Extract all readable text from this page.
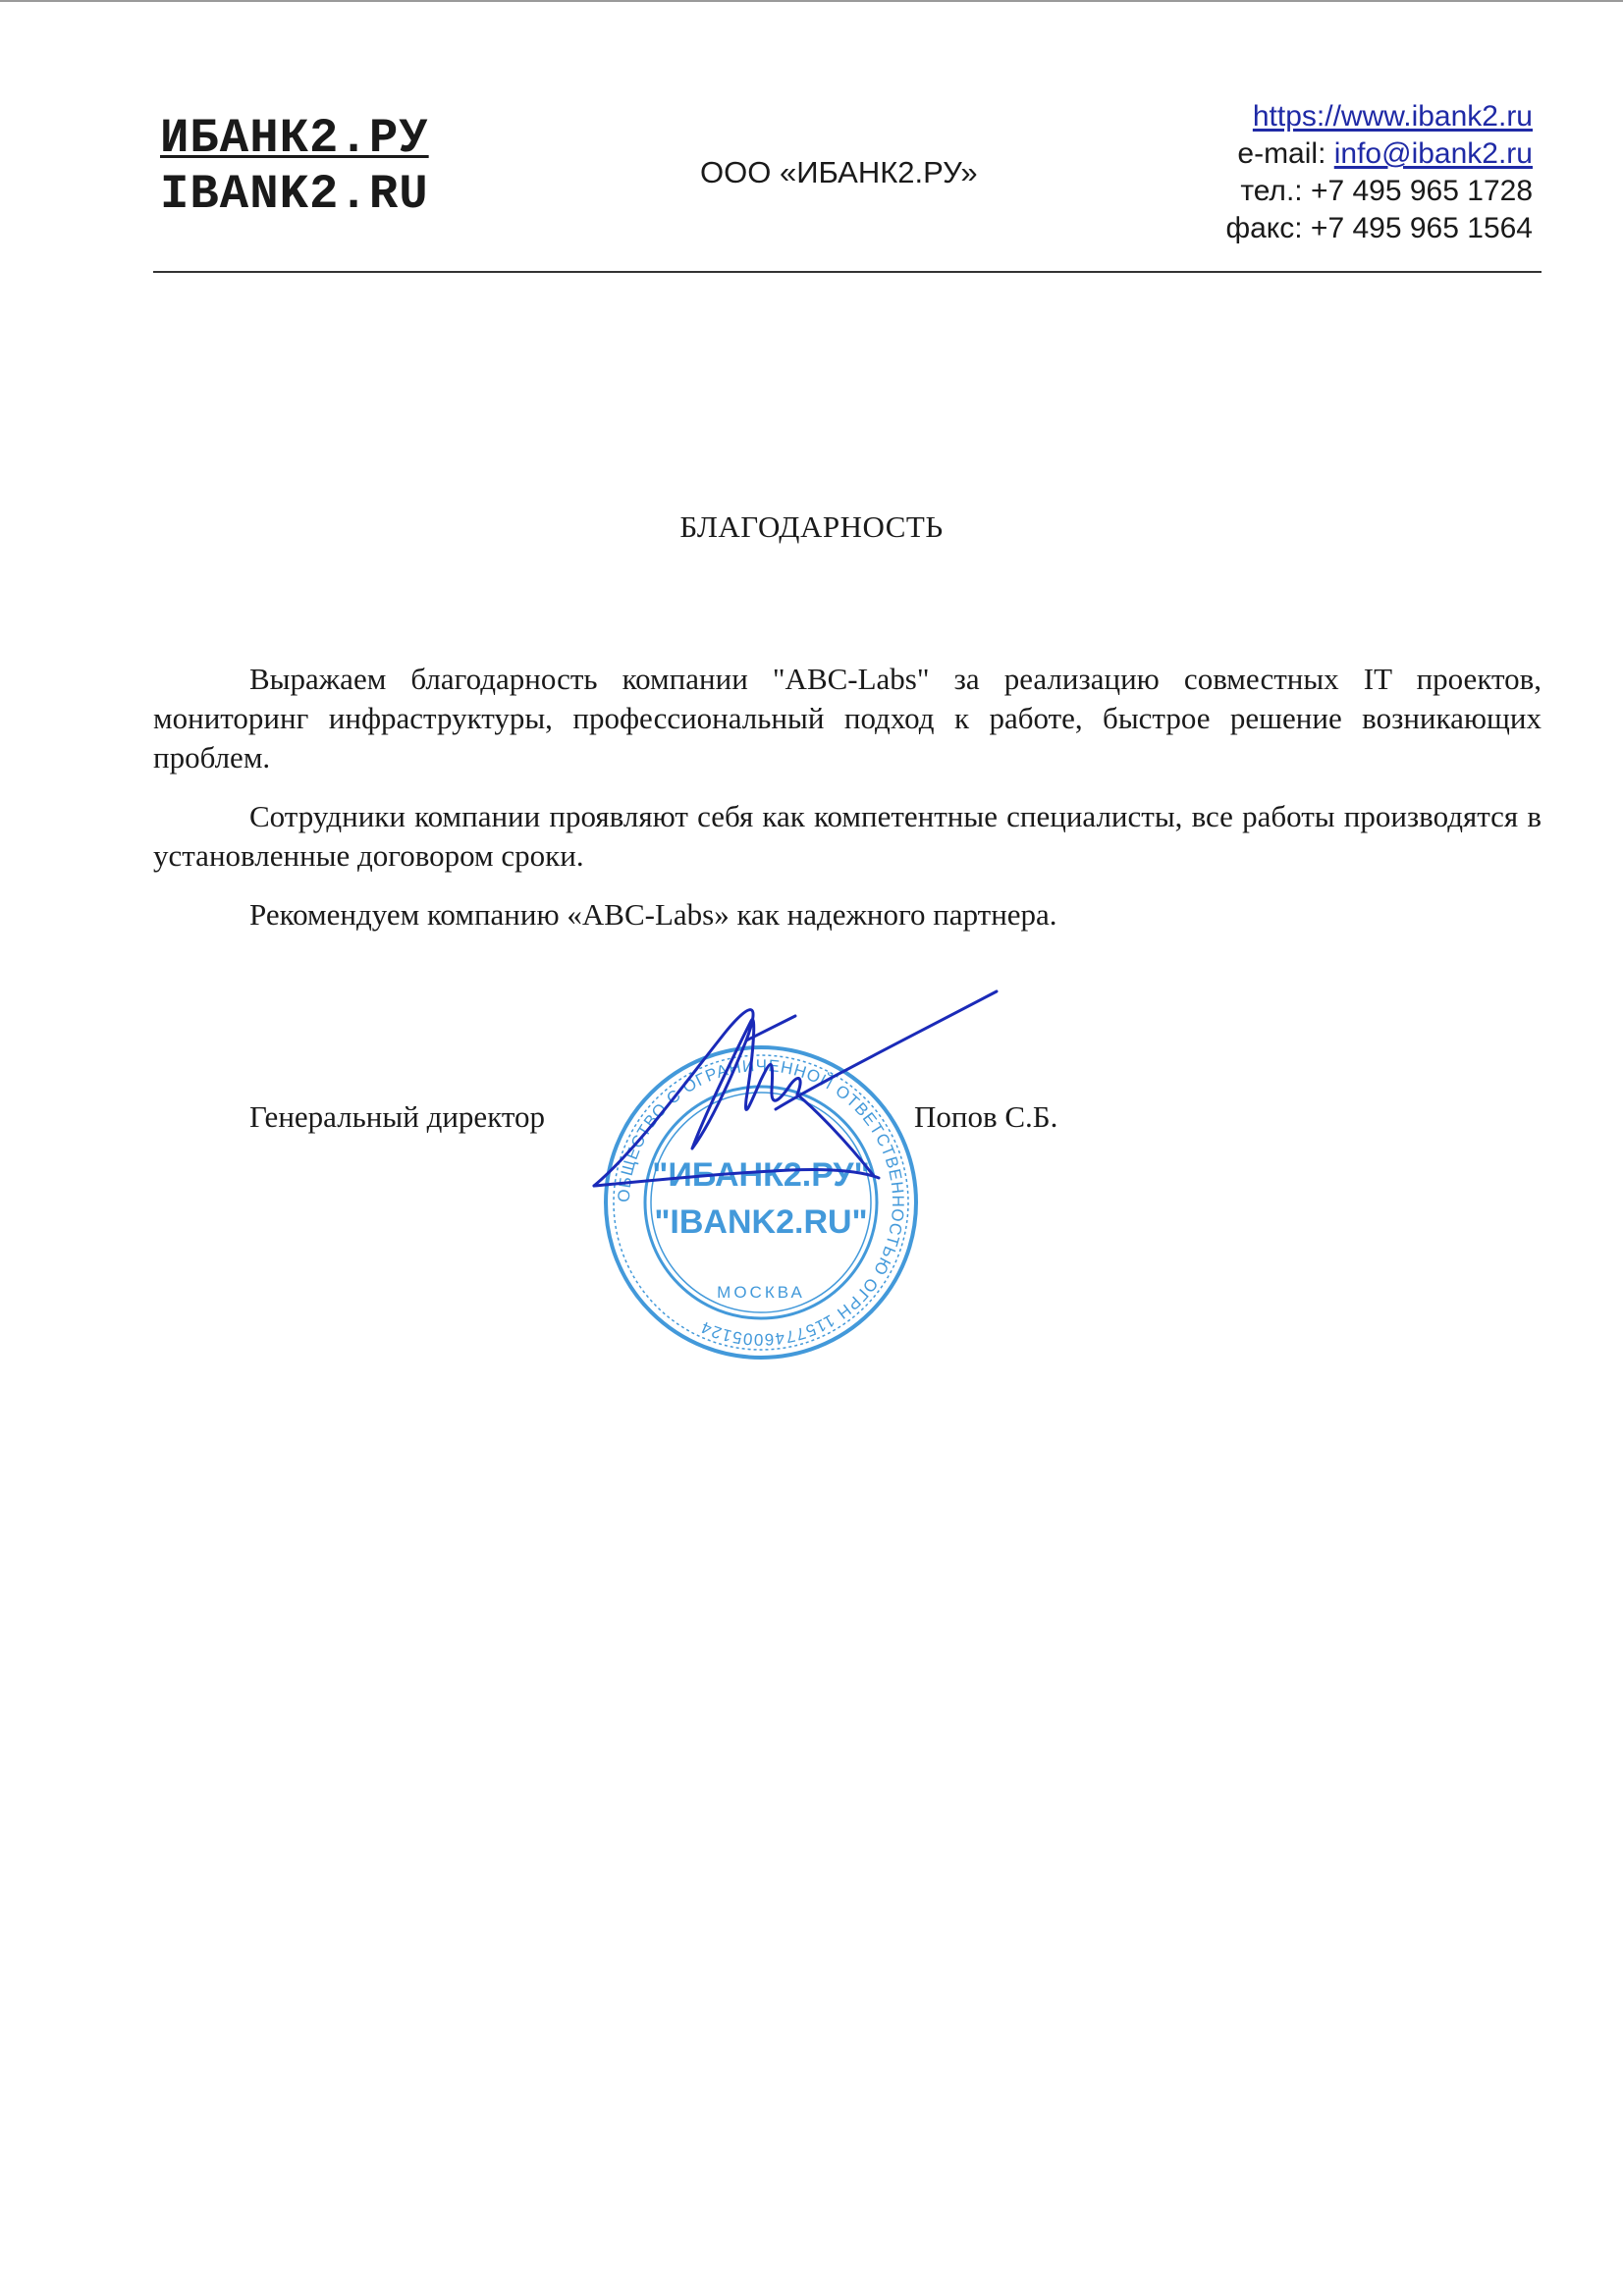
ИБАНК2.РУ
IBANK2.RU	ООО «ИБАНК2.РУ»
https://www.ibank2.ru
e-mail: info@ibank2.ru
тел.: +7 495 965 1728
факс: +7 495 965 1564
БЛАГОДАРНОСТЬ

Выражаем благодарность компании "ABC-Labs" за реализацию совместных IT проектов, мониторинг инфраструктуры, профессиональный подход к работе, быстрое решение возникающих проблем.

Сотрудники компании проявляют себя как компетентные специалисты, все работы производятся в установленные договором сроки.

Рекомендуем компанию «ABC-Labs» как надежного партнера.

ОБЩЕСТВО С ОГРАНИЧЕННОЙ ОТВЕТСТВЕННОСТЬЮ ОГРН 1157746005124
"ИБАНК2.РУ"
"IBANK2.RU"
МОСКВА
Генеральный директор	Попов С.Б.
